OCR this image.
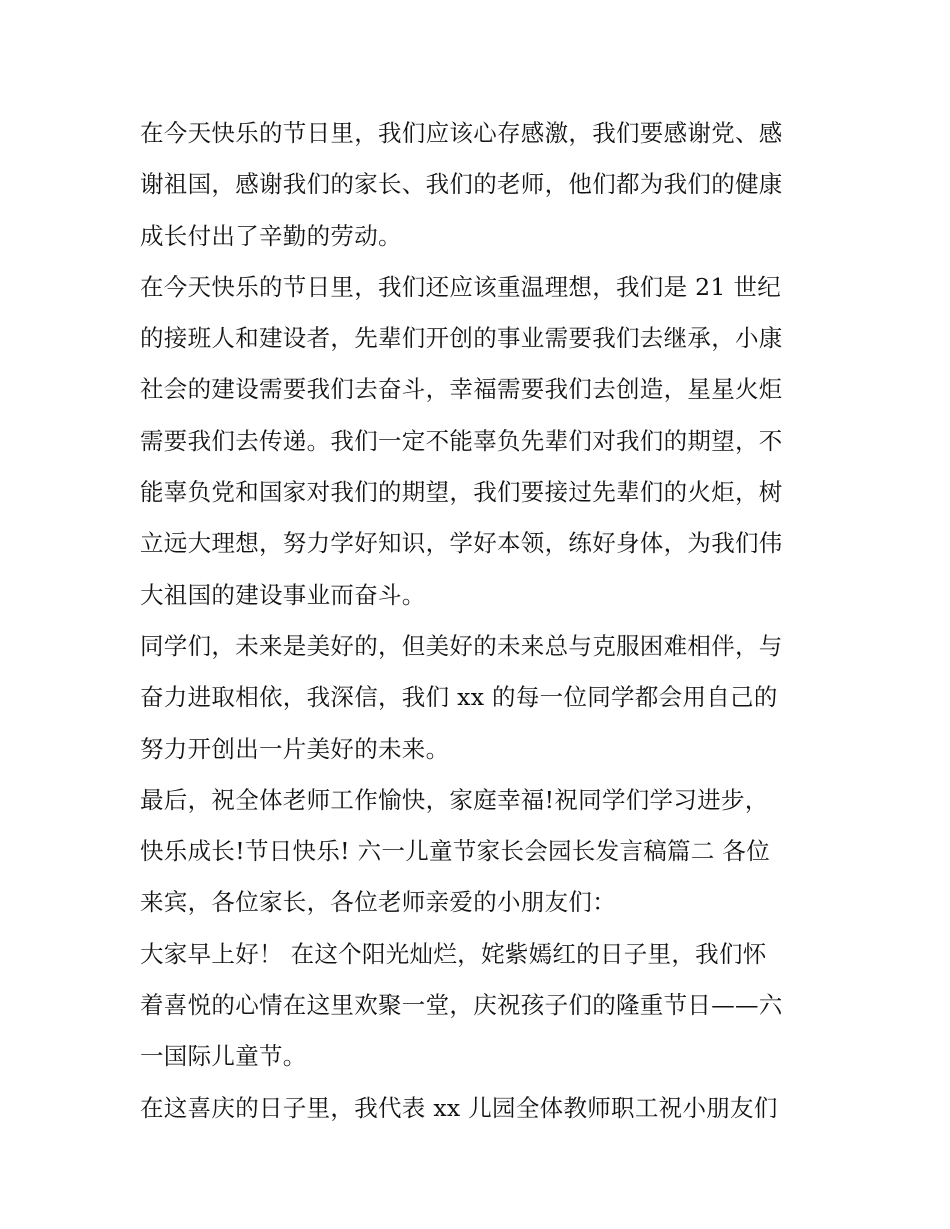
在今天快乐的节日里，我们应该心存感激，我们要感谢党、感
谢祖国，感谢我们的家长、我们的老师，他们都为我们的健康
成长付出了辛勤的劳动。
在今天快乐的节日里，我们还应该重温理想，我们是 21 世纪
的接班人和建设者，先辈们开创的事业需要我们去继承，小康
社会的建设需要我们去奋斗，幸福需要我们去创造，星星火炬
需要我们去传递。我们一定不能辜负先辈们对我们的期望，不
能辜负党和国家对我们的期望，我们要接过先辈们的火炬，树
立远大理想，努力学好知识，学好本领，练好身体，为我们伟
大祖国的建设事业而奋斗。
同学们，未来是美好的，但美好的未来总与克服困难相伴，与
奋力进取相依，我深信，我们 xx 的每一位同学都会用自己的
努力开创出一片美好的未来。
最后，祝全体老师工作愉快，家庭幸福!祝同学们学习进步，
快乐成长!节日快乐! 六一儿童节家长会园长发言稿篇二 各位
来宾，各位家长，各位老师亲爱的小朋友们：
大家早上好！ 在这个阳光灿烂，姹紫嫣红的日子里，我们怀
着喜悦的心情在这里欢聚一堂，庆祝孩子们的隆重节日——六
一国际儿童节。
在这喜庆的日子里，我代表 xx 儿园全体教师职工祝小朋友们
